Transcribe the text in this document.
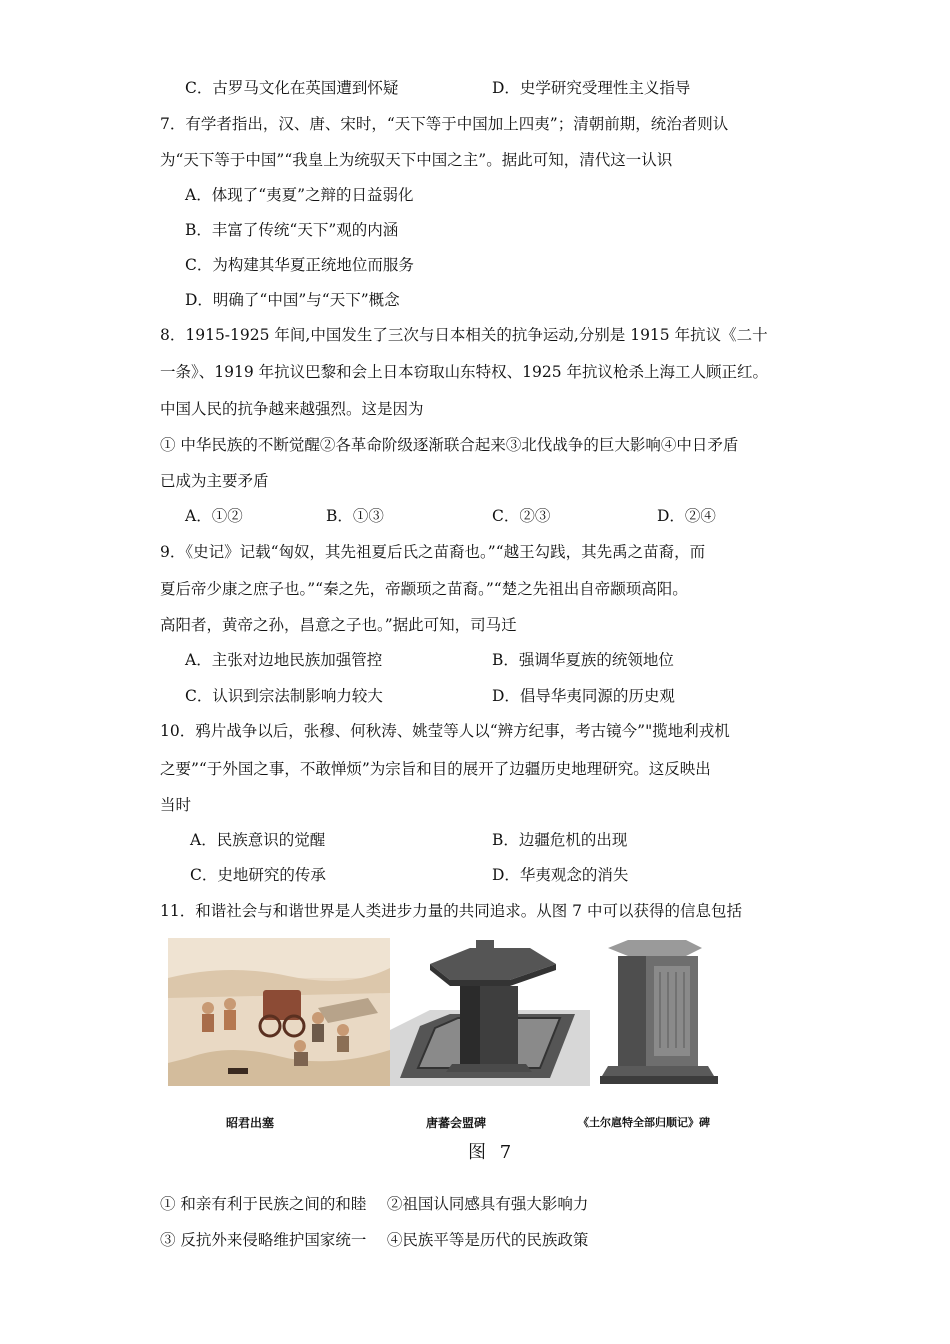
C．古罗马文化在英国遭到怀疑	D．史学研究受理性主义指导
7．有学者指出，汉、唐、宋时，“天下等于中国加上四夷”；清朝前期，统治者则认
为“天下等于中国”“我皇上为统驭天下中国之主”。据此可知，清代这一认识
A．体现了“夷夏”之辩的日益弱化
B．丰富了传统“天下”观的内涵
C．为构建其华夏正统地位而服务
D．明确了“中国”与“天下”概念
8．1915-1925 年间,中国发生了三次与日本相关的抗争运动,分别是 1915 年抗议《二十
一条》、1919 年抗议巴黎和会上日本窃取山东特权、1925 年抗议枪杀上海工人顾正红。
中国人民的抗争越来越强烈。这是因为
① 中华民族的不断觉醒②各革命阶级逐渐联合起来③北伐战争的巨大影响④中日矛盾
已成为主要矛盾
A．①②	B．①③	C．②③	D．②④
9．《史记》记载“匈奴，其先祖夏后氏之苗裔也。”“越王勾践，其先禹之苗裔，而
夏后帝少康之庶子也。”“秦之先，帝颛顼之苗裔。”“楚之先祖出自帝颛顼高阳。
高阳者，黄帝之孙，昌意之子也。”据此可知，司马迁
A．主张对边地民族加强管控	B．强调华夏族的统领地位
C．认识到宗法制影响力较大	D．倡导华夷同源的历史观
10．鸦片战争以后，张穆、何秋涛、姚莹等人以“辨方纪事，考古镜今”"揽地利戎机
之要”“于外国之事，不敢惮烦”为宗旨和目的展开了边疆历史地理研究。这反映出
当时
A．民族意识的觉醒	B．边疆危机的出现
C．史地研究的传承	D．华夷观念的消失
11．和谐社会与和谐世界是人类进步力量的共同追求。从图 7 中可以获得的信息包括
昭君出塞	唐蕃会盟碑	《土尔扈特全部归顺记》碑
图 7
① 和亲有利于民族之间的和睦　 ②祖国认同感具有强大影响力
③ 反抗外来侵略维护国家统一　 ④民族平等是历代的民族政策
